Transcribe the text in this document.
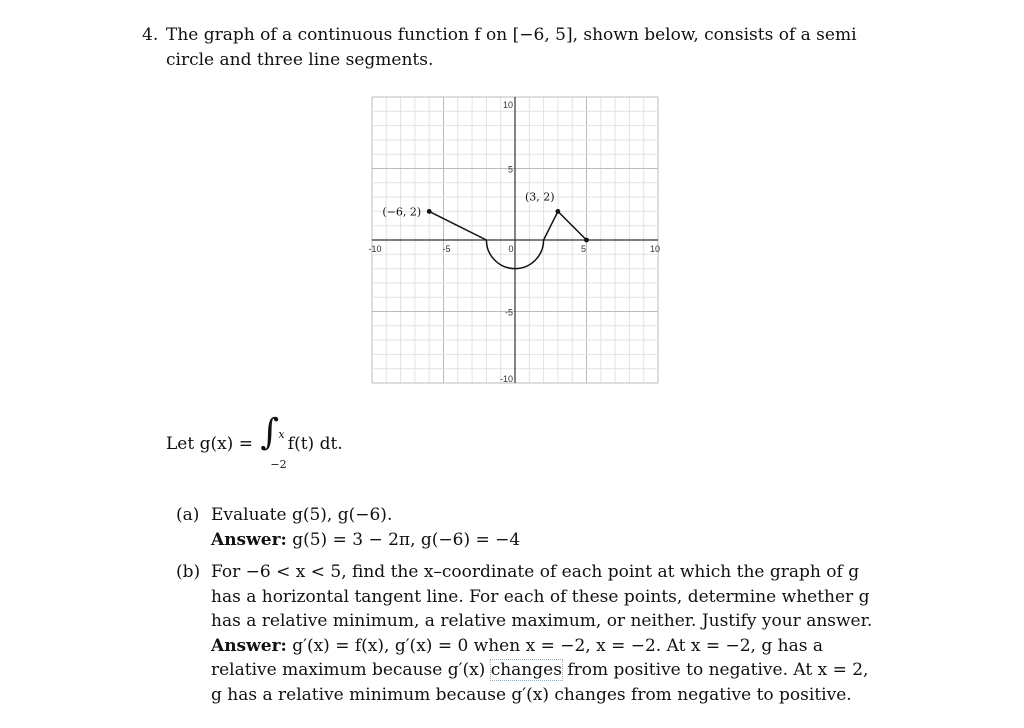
4. The graph of a continuous function f on [−6, 5], shown below, consists of a semi
circle and three line segments.
-10	-5	0	5	10
10
5
-5
-10
(−6, 2)
(3, 2)
Let g(x) = ∫ x
−2
f(t) dt.
(a) Evaluate g(5), g(−6).
Answer: g(5) = 3 − 2π, g(−6) = −4
(b) For −6 < x < 5, find the x–coordinate of each point at which the graph of g has a horizontal tangent line. For each of these points, determine whether g has a relative minimum, a relative maximum, or neither. Justify your answer.
Answer: g′(x) = f(x), g′(x) = 0 when x = −2, x = −2. At x = −2, g has a relative maximum because g′(x) changes from positive to negative. At x = 2, g has a relative minimum because g′(x) changes from negative to positive.
